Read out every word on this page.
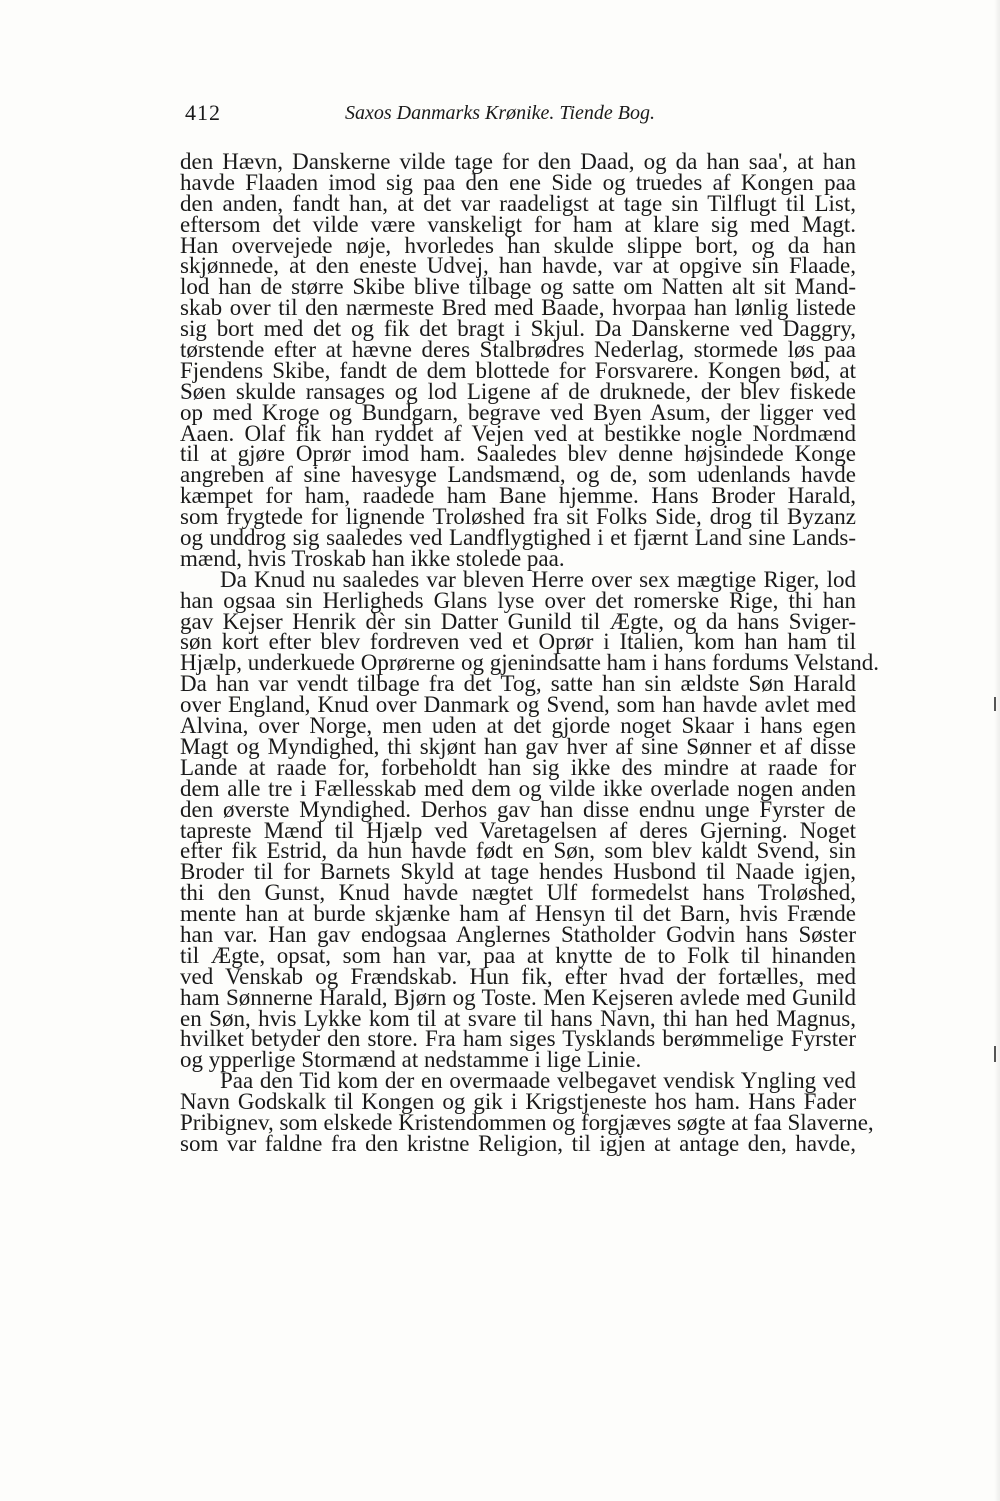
412	Saxos Danmarks Krønike. Tiende Bog.
den Hævn, Danskerne vilde tage for den Daad, og da han saa', at han
havde Flaaden imod sig paa den ene Side og truedes af Kongen paa
den anden, fandt han, at det var raadeligst at tage sin Tilflugt til List,
eftersom det vilde være vanskeligt for ham at klare sig med Magt.
Han overvejede nøje, hvorledes han skulde slippe bort, og da han
skjønnede, at den eneste Udvej, han havde, var at opgive sin Flaade,
lod han de større Skibe blive tilbage og satte om Natten alt sit Mand-
skab over til den nærmeste Bred med Baade, hvorpaa han lønlig listede
sig bort med det og fik det bragt i Skjul. Da Danskerne ved Daggry,
tørstende efter at hævne deres Stalbrødres Nederlag, stormede løs paa
Fjendens Skibe, fandt de dem blottede for Forsvarere. Kongen bød, at
Søen skulde ransages og lod Ligene af de druknede, der blev fiskede
op med Kroge og Bundgarn, begrave ved Byen Asum, der ligger ved
Aaen. Olaf fik han ryddet af Vejen ved at bestikke nogle Nordmænd
til at gjøre Oprør imod ham. Saaledes blev denne højsindede Konge
angreben af sine havesyge Landsmænd, og de, som udenlands havde
kæmpet for ham, raadede ham Bane hjemme. Hans Broder Harald,
som frygtede for lignende Troløshed fra sit Folks Side, drog til Byzanz
og unddrog sig saaledes ved Landflygtighed i et fjærnt Land sine Lands-
mænd, hvis Troskab han ikke stolede paa.
Da Knud nu saaledes var bleven Herre over sex mægtige Riger, lod
han ogsaa sin Herligheds Glans lyse over det romerske Rige, thi han
gav Kejser Henrik dèr sin Datter Gunild til Ægte, og da hans Sviger-
søn kort efter blev fordreven ved et Oprør i Italien, kom han ham til
Hjælp, underkuede Oprørerne og gjenindsatte ham i hans fordums Velstand.
Da han var vendt tilbage fra det Tog, satte han sin ældste Søn Harald
over England, Knud over Danmark og Svend, som han havde avlet med
Alvina, over Norge, men uden at det gjorde noget Skaar i hans egen
Magt og Myndighed, thi skjønt han gav hver af sine Sønner et af disse
Lande at raade for, forbeholdt han sig ikke des mindre at raade for
dem alle tre i Fællesskab med dem og vilde ikke overlade nogen anden
den øverste Myndighed. Derhos gav han disse endnu unge Fyrster de
tapreste Mænd til Hjælp ved Varetagelsen af deres Gjerning. Noget
efter fik Estrid, da hun havde født en Søn, som blev kaldt Svend, sin
Broder til for Barnets Skyld at tage hendes Husbond til Naade igjen,
thi den Gunst, Knud havde nægtet Ulf formedelst hans Troløshed,
mente han at burde skjænke ham af Hensyn til det Barn, hvis Frænde
han var. Han gav endogsaa Anglernes Statholder Godvin hans Søster
til Ægte, opsat, som han var, paa at knytte de to Folk til hinanden
ved Venskab og Frændskab. Hun fik, efter hvad der fortælles, med
ham Sønnerne Harald, Bjørn og Toste. Men Kejseren avlede med Gunild
en Søn, hvis Lykke kom til at svare til hans Navn, thi han hed Magnus,
hvilket betyder den store. Fra ham siges Tysklands berømmelige Fyrster
og ypperlige Stormænd at nedstamme i lige Linie.
Paa den Tid kom der en overmaade velbegavet vendisk Yngling ved
Navn Godskalk til Kongen og gik i Krigstjeneste hos ham. Hans Fader
Pribignev, som elskede Kristendommen og forgjæves søgte at faa Slaverne,
som var faldne fra den kristne Religion, til igjen at antage den, havde,
